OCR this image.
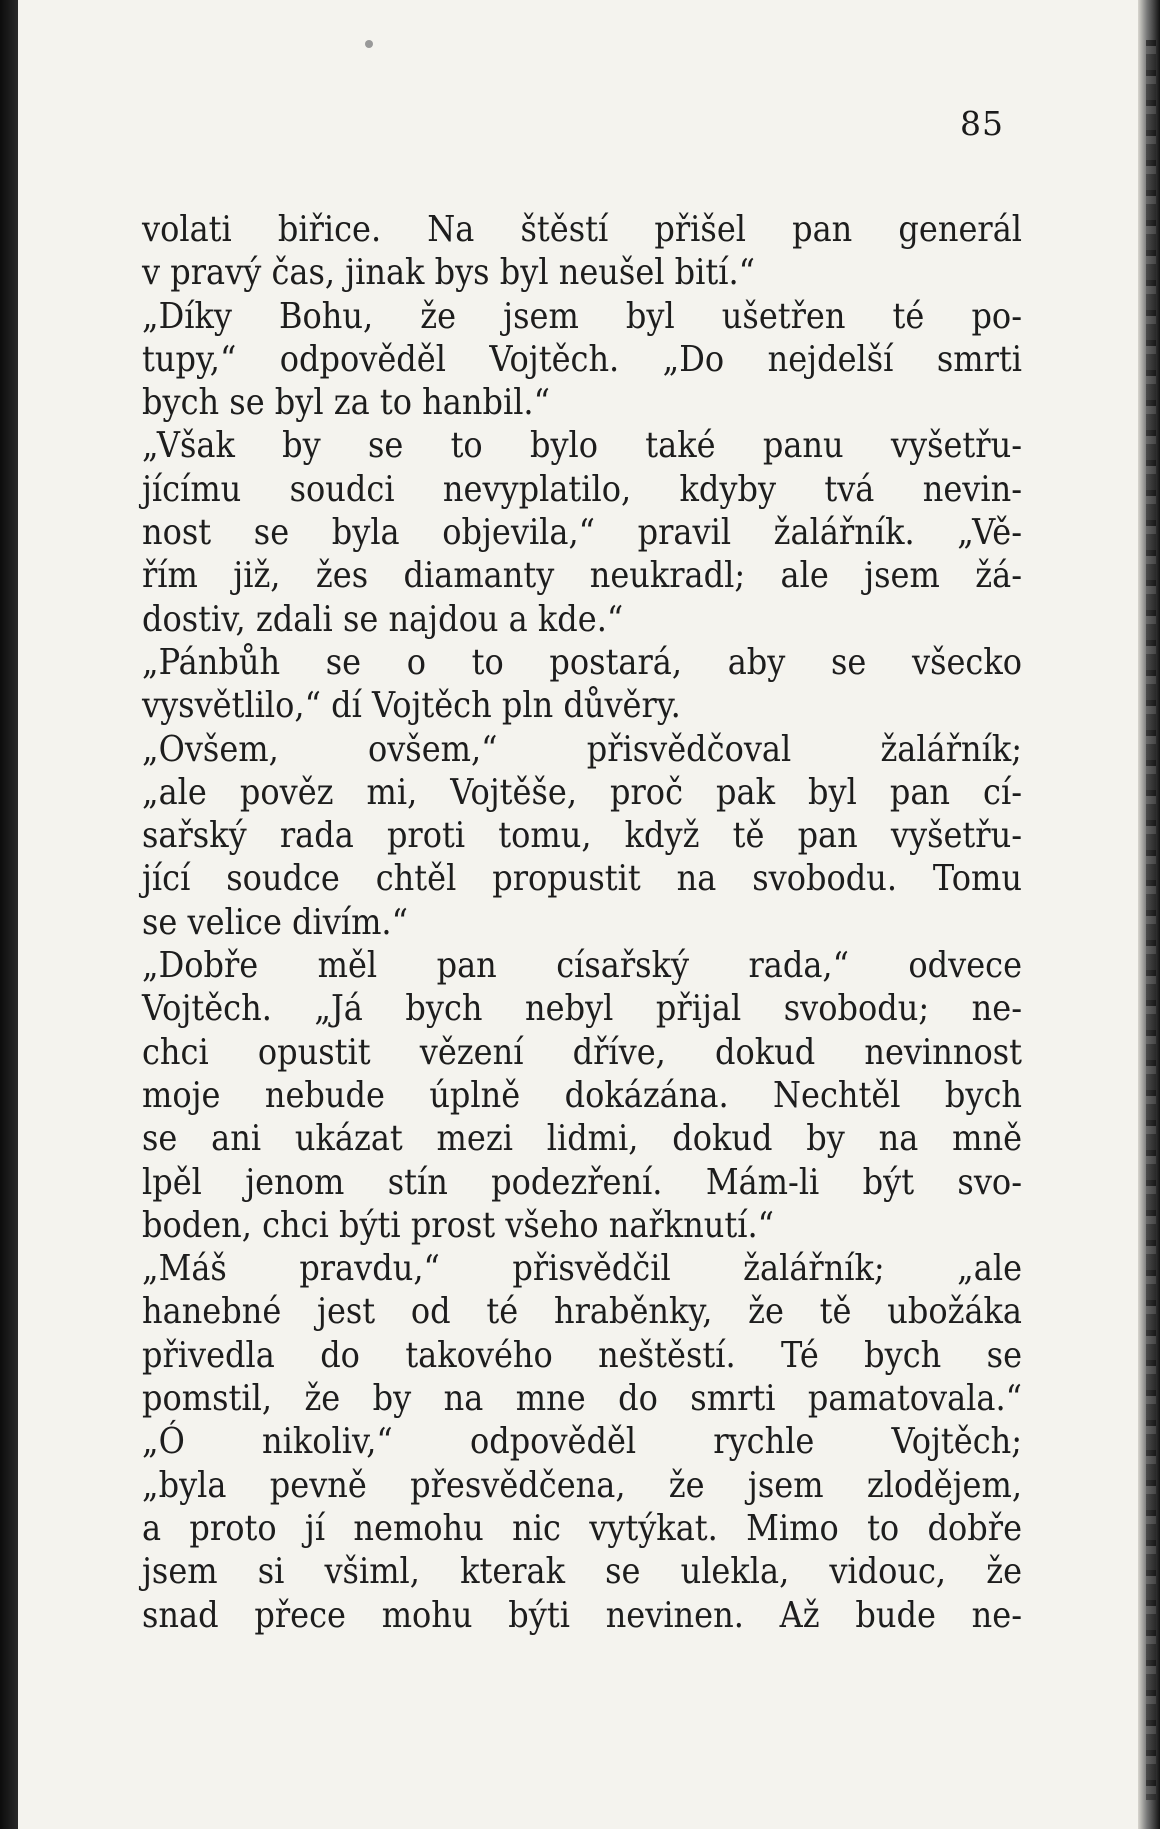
85
volati biřice. Na štěstí přišel pan generál
v pravý čas, jinak bys byl neušel bití.“
„Díky Bohu, že jsem byl ušetřen té po-
tupy,“ odpověděl Vojtěch. „Do nejdelší smrti
bych se byl za to hanbil.“
„Však by se to bylo také panu vyšetřu-
jícímu soudci nevyplatilo, kdyby tvá nevin-
nost se byla objevila,“ pravil žalářník. „Vě-
řím již, žes diamanty neukradl; ale jsem žá-
dostiv, zdali se najdou a kde.“
„Pánbůh se o to postará, aby se všecko
vysvětlilo,“ dí Vojtěch pln důvěry.
„Ovšem, ovšem,“ přisvědčoval žalářník;
„ale pověz mi, Vojtěše, proč pak byl pan cí-
sařský rada proti tomu, když tě pan vyšetřu-
jící soudce chtěl propustit na svobodu. Tomu
se velice divím.“
„Dobře měl pan císařský rada,“ odvece
Vojtěch. „Já bych nebyl přijal svobodu; ne-
chci opustit vězení dříve, dokud nevinnost
moje nebude úplně dokázána. Nechtěl bych
se ani ukázat mezi lidmi, dokud by na mně
lpěl jenom stín podezření. Mám-li být svo-
boden, chci býti prost všeho nařknutí.“
„Máš pravdu,“ přisvědčil žalářník; „ale
hanebné jest od té hraběnky, že tě ubožáka
přivedla do takového neštěstí. Té bych se
pomstil, že by na mne do smrti pamatovala.“
„Ó nikoliv,“ odpověděl rychle Vojtěch;
„byla pevně přesvědčena, že jsem zlodějem,
a proto jí nemohu nic vytýkat. Mimo to dobře
jsem si všiml, kterak se ulekla, vidouc, že
snad přece mohu býti nevinen. Až bude ne-
